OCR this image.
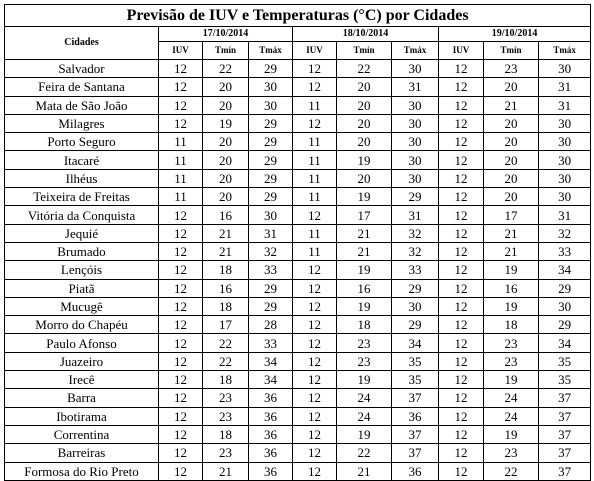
Previsão de IUV e Temperaturas (°C) por Cidades									
Cidades	17/10/2014			18/10/2014			19/10/2014		
	IUV	Tmín	Tmáx	IUV	Tmín	Tmáx	IUV	Tmín	Tmáx
Salvador	12	22	29	12	22	30	12	23	30
Feira de Santana	12	20	30	12	20	31	12	20	31
Mata de São João	12	20	30	11	20	30	12	21	31
Milagres	12	19	29	12	20	30	12	20	30
Porto Seguro	11	20	29	11	20	30	12	20	30
Itacaré	11	20	29	11	19	30	12	20	30
Ilhéus	11	20	29	11	20	30	12	20	30
Teixeira de Freitas	11	20	29	11	19	29	12	20	30
Vitória da Conquista	12	16	30	12	17	31	12	17	31
Jequié	12	21	31	11	21	32	12	21	32
Brumado	12	21	32	11	21	32	12	21	33
Lençóis	12	18	33	12	19	33	12	19	34
Piatã	12	16	29	12	16	29	12	16	29
Mucugê	12	18	29	12	19	30	12	19	30
Morro do Chapéu	12	17	28	12	18	29	12	18	29
Paulo Afonso	12	22	33	12	23	34	12	23	34
Juazeiro	12	22	34	12	23	35	12	23	35
Irecê	12	18	34	12	19	35	12	19	35
Barra	12	23	36	12	24	37	12	24	37
Ibotirama	12	23	36	12	24	36	12	24	37
Correntina	12	18	36	12	19	37	12	19	37
Barreiras	12	23	36	12	22	37	12	23	37
Formosa do Rio Preto	12	21	36	12	21	36	12	22	37
